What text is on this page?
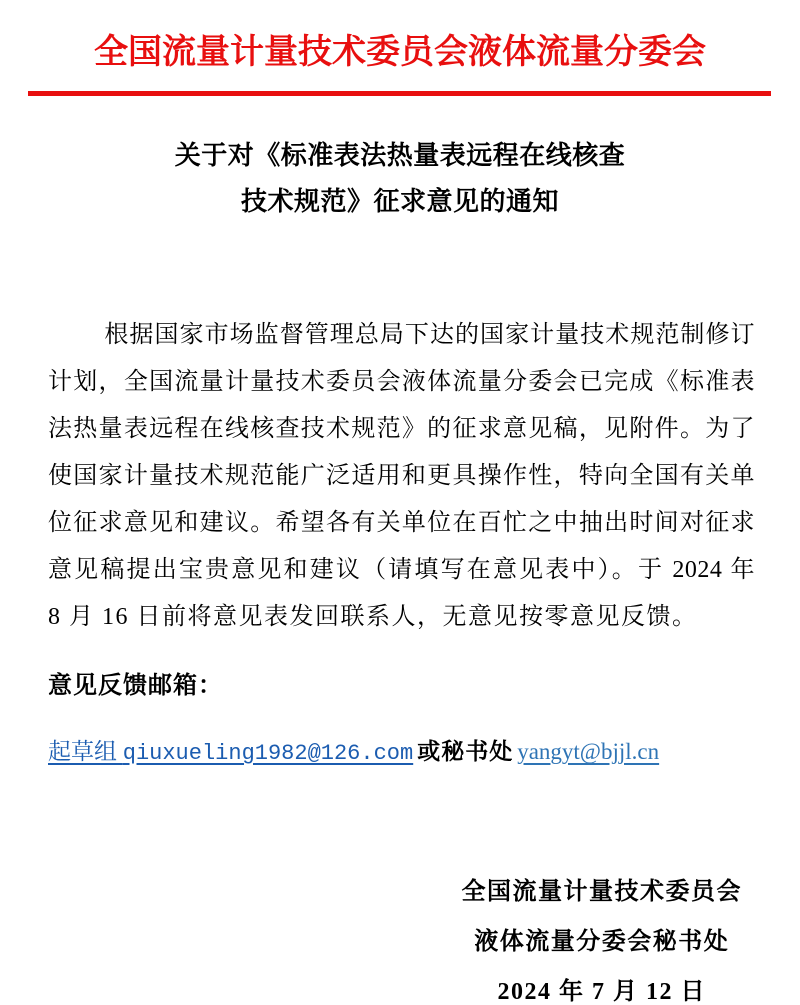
全国流量计量技术委员会液体流量分委会
关于对《标准表法热量表远程在线核查
技术规范》征求意见的通知
根据国家市场监督管理总局下达的国家计量技术规范制修订
计划，全国流量计量技术委员会液体流量分委会已完成《标准表
法热量表远程在线核查技术规范》的征求意见稿，见附件。为了
使国家计量技术规范能广泛适用和更具操作性，特向全国有关单
位征求意见和建议。希望各有关单位在百忙之中抽出时间对征求
意见稿提出宝贵意见和建议（请填写在意见表中）。于 2024 年
8 月 16 日前将意见表发回联系人，无意见按零意见反馈。
意见反馈邮箱：
起草组 qiuxueling1982@126.com 或秘书处 yangyt@bjjl.cn
全国流量计量技术委员会
液体流量分委会秘书处
2024 年 7 月 12 日
